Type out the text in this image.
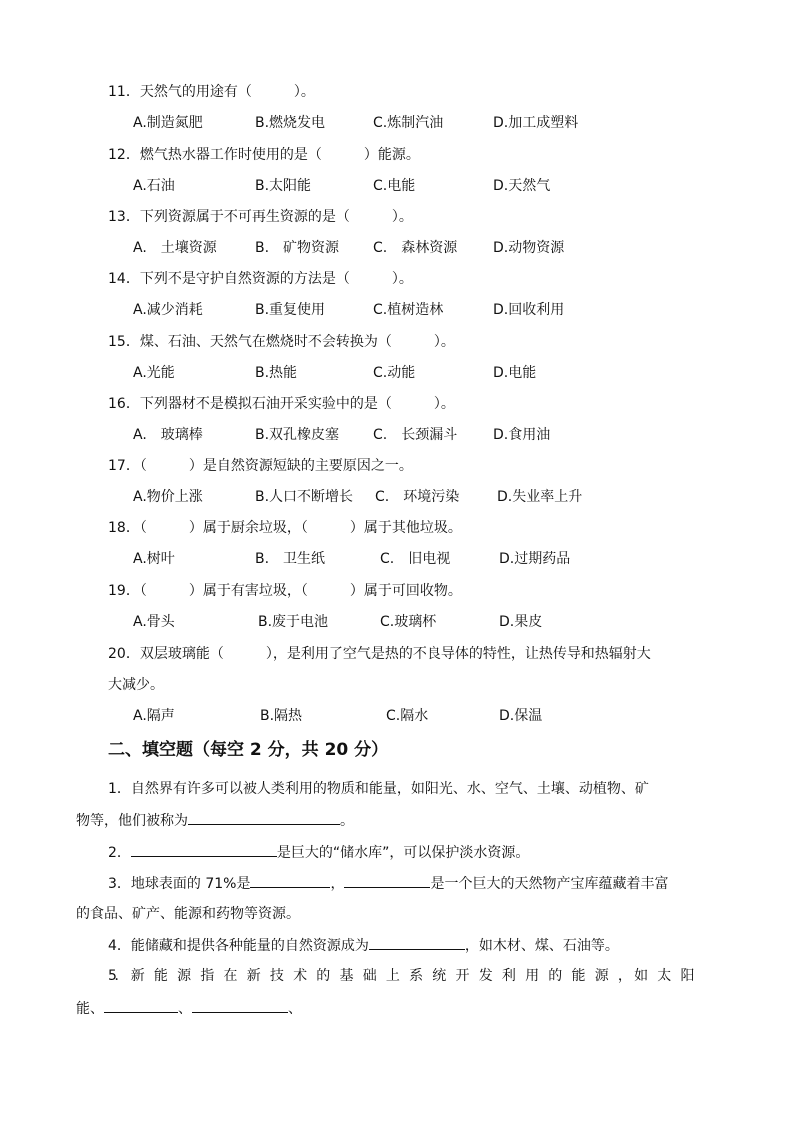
11．天然气的用途有（　　　）。
A.制造氮肥	B.燃烧发电	C.炼制汽油	D.加工成塑料
12．燃气热水器工作时使用的是（　　　）能源。
A.石油	B.太阳能	C.电能	D.天然气
13．下列资源属于不可再生资源的是（　　　）。
A.　土壤资源	B.　矿物资源 C.　森林资源	D.动物资源
14．下列不是守护自然资源的方法是（　　　）。
A.减少消耗	B.重复使用	C.植树造林	D.回收利用
15．煤、石油、天然气在燃烧时不会转换为（　　　）。
A.光能	B.热能	C.动能	D.电能
16．下列器材不是模拟石油开采实验中的是（　　　）。
A.　玻璃棒	B.双孔橡皮塞 C.　长颈漏斗	D.食用油
17．（　　　）是自然资源短缺的主要原因之一。
A.物价上涨	B.人口不断增长 C.　环境污染	D.失业率上升
18．（　　　）属于厨余垃圾，（　　　）属于其他垃圾。
A.树叶	B.　卫生纸	C.　旧电视	D.过期药品
19．（　　　）属于有害垃圾，（　　　）属于可回收物。
A.骨头	B.废于电池	C.玻璃杯	D.果皮
20．双层玻璃能（　　　），是利用了空气是热的不良导体的特性，让热传导和热辐射大
大减少。
A.隔声	B.隔热	C.隔水	D.保温
二、填空题（每空 2 分，共 20 分）
1．自然界有许多可以被人类利用的物质和能量，如阳光、水、空气、土壤、动植物、矿
物等，他们被称为	。
2．	是巨大的“储水库”，可以保护淡水资源。
3．地球表面的 71%是	，	是一个巨大的天然物产宝库蕴藏着丰富
的食品、矿产、能源和药物等资源。
4．能储藏和提供各种能量的自然资源成为	，如木材、煤、石油等。
5．　新　能　源　指　在　新　技　术　的　基　础　上　系　统　开　发　利　用　的　能　源　，　如　太　阳
能、	、	、
